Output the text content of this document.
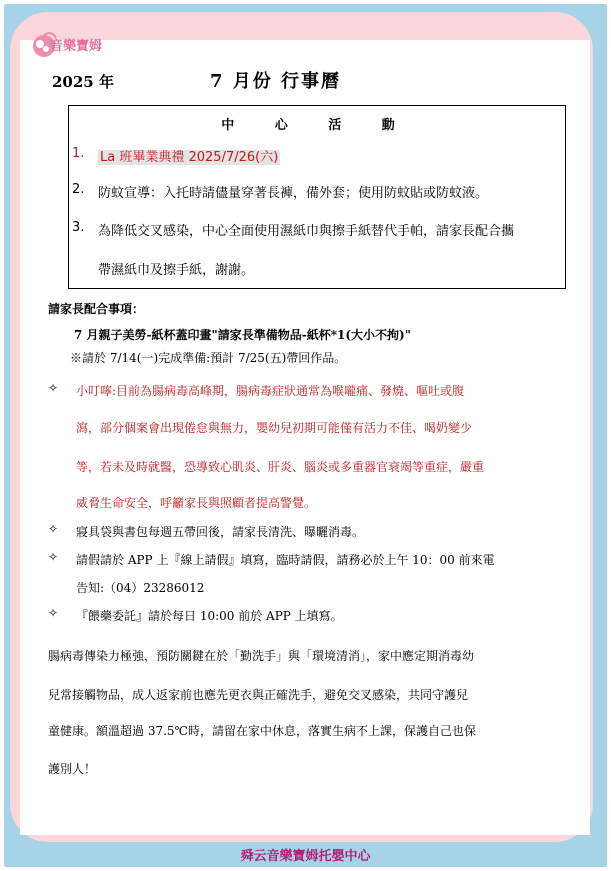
音樂寶姆
2025 年	7 月份 行事曆
中 心 活 動
1. La 班畢業典禮 2025/7/26(六)
2. 防蚊宣導：入托時請儘量穿著長褲，備外套；使用防蚊貼或防蚊液。
3. 為降低交叉感染，中心全面使用濕紙巾與擦手紙替代手帕，請家長配合攜
帶濕紙巾及擦手紙，謝謝。
請家長配合事項：
7 月親子美勞-紙杯蓋印畫"請家長準備物品-紙杯*1(大小不拘)"
※請於 7/14(一)完成準備:預計 7/25(五)帶回作品。
✧ 小叮嚀:目前為腸病毒高峰期，腸病毒症狀通常為喉嚨痛、發燒、嘔吐或腹
瀉，部分個案會出現倦怠與無力，嬰幼兒初期可能僅有活力不佳、喝奶變少
等，若未及時就醫，恐導致心肌炎、肝炎、腦炎或多重器官衰竭等重症，嚴重
威脅生命安全，呼籲家長與照顧者提高警覺。
✧ 寢具袋與書包每週五帶回後，請家長清洗、曝曬消毒。
✧ 請假請於 APP 上『線上請假』填寫，臨時請假，請務必於上午 10：00 前來電
告知:（04）23286012
✧ 『餵藥委託』請於每日 10:00 前於 APP 上填寫。
腸病毒傳染力極強，預防關鍵在於「勤洗手」與「環境清消」，家中應定期消毒幼
兒常接觸物品，成人返家前也應先更衣與正確洗手，避免交叉感染，共同守護兒
童健康。額溫超過 37.5℃時，請留在家中休息，落實生病不上課，保護自己也保
護別人！
舜云音樂寶姆托嬰中心
